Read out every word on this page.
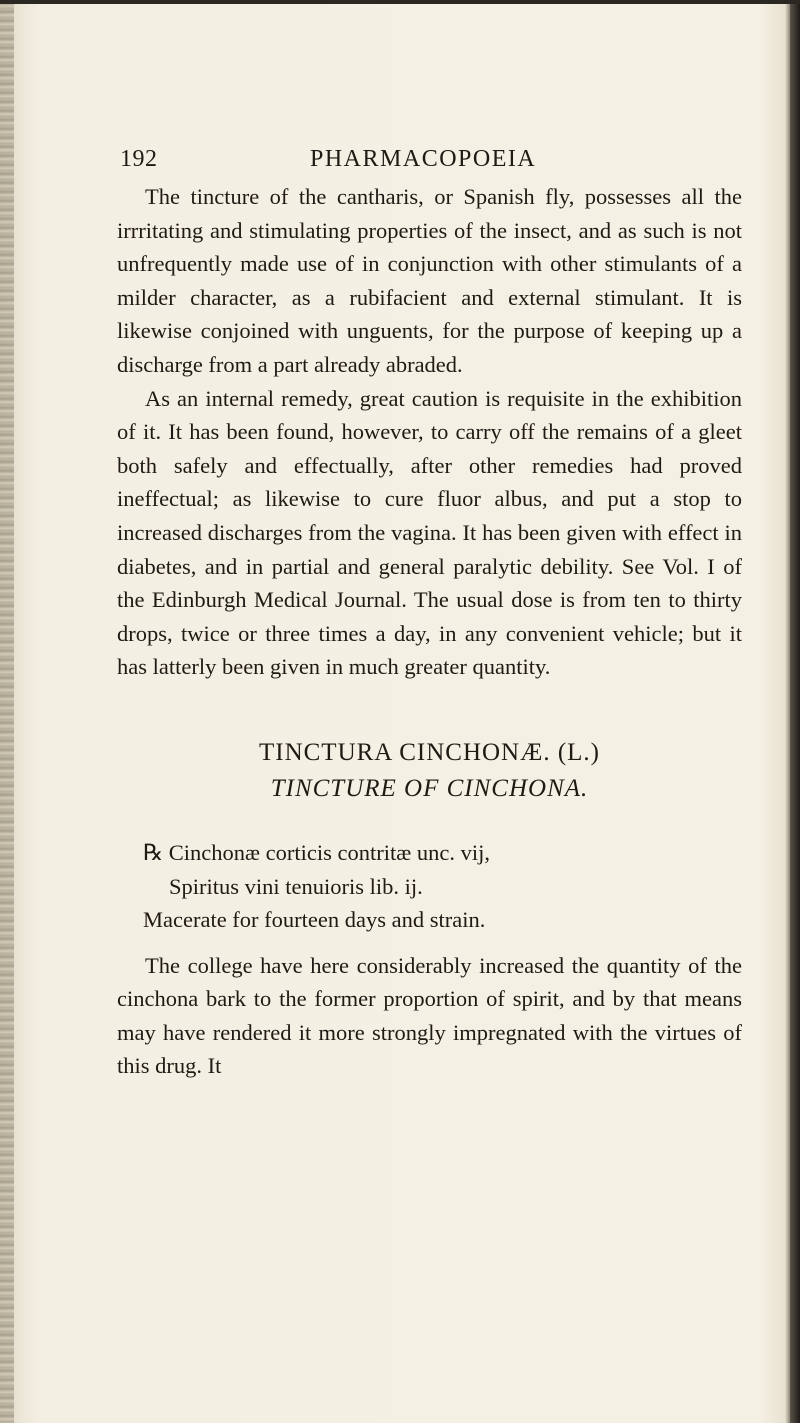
192	PHARMACOPOEIA

The tincture of the cantharis, or Spanish fly, possesses all the irrritating and stimulating properties of the insect, and as such is not unfrequently made use of in conjunction with other stimulants of a milder character, as a rubifacient and external stimulant. It is likewise conjoined with unguents, for the purpose of keeping up a discharge from a part already abraded.

As an internal remedy, great caution is requisite in the exhibition of it. It has been found, however, to carry off the remains of a gleet both safely and effectually, after other remedies had proved ineffectual; as likewise to cure fluor albus, and put a stop to increased discharges from the vagina. It has been given with effect in diabetes, and in partial and general paralytic debility. See Vol. I of the Edinburgh Medical Journal. The usual dose is from ten to thirty drops, twice or three times a day, in any convenient vehicle; but it has latterly been given in much greater quantity.

TINCTURA CINCHONÆ. (L.)

TINCTURE OF CINCHONA.

℞ Cinchonæ corticis contritæ unc. vij,

Spiritus vini tenuioris lib. ij.

Macerate for fourteen days and strain.

The college have here considerably increased the quantity of the cinchona bark to the former proportion of spirit, and by that means may have rendered it more strongly impregnated with the virtues of this drug. It
